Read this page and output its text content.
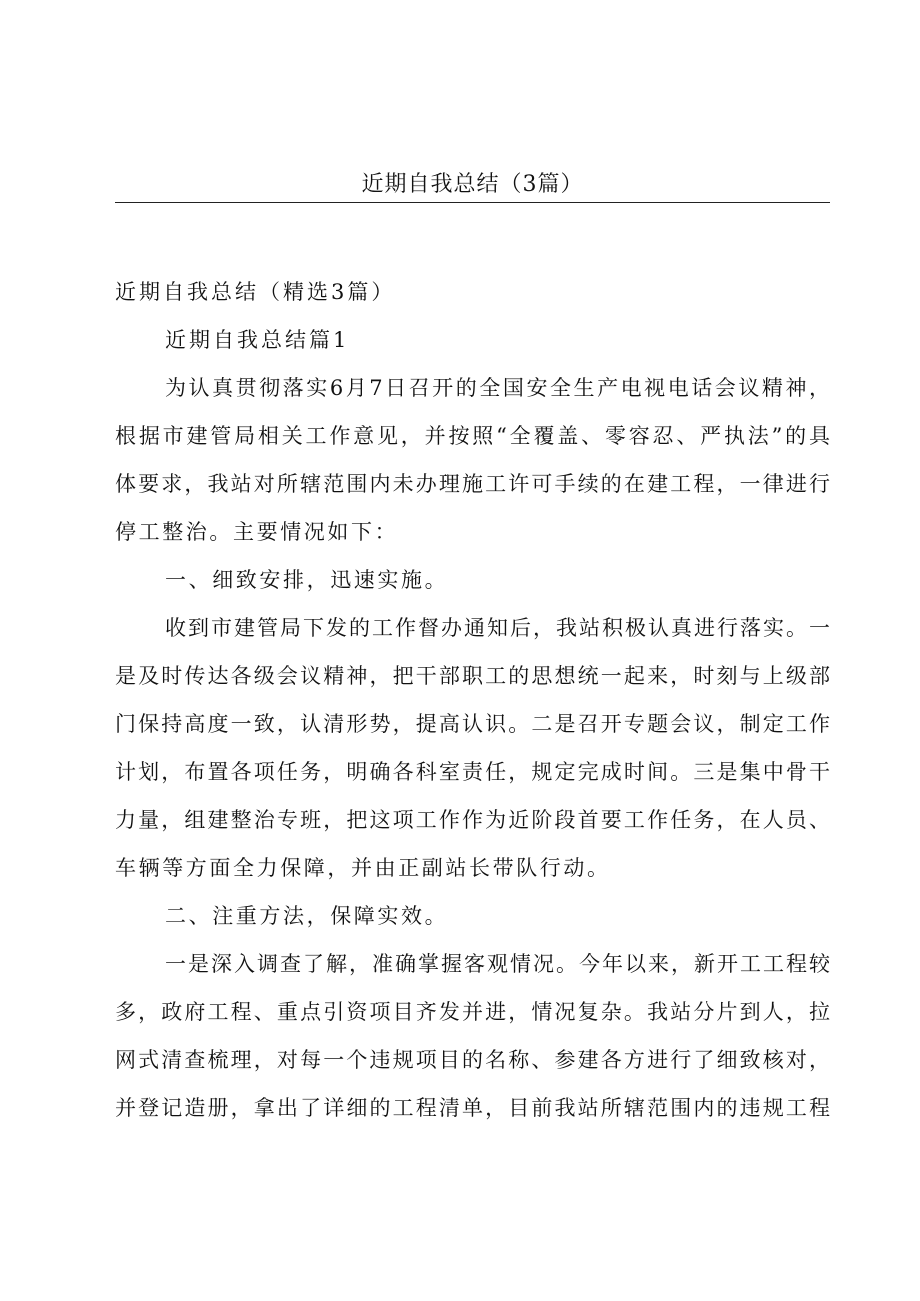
近期自我总结（3篇）
近期自我总结（精选3篇）
近期自我总结篇1
为认真贯彻落实6月7日召开的全国安全生产电视电话会议精神，
根据市建管局相关工作意见，并按照“全覆盖、零容忍、严执法”的具
体要求，我站对所辖范围内未办理施工许可手续的在建工程，一律进行
停工整治。主要情况如下：
一、细致安排，迅速实施。
收到市建管局下发的工作督办通知后，我站积极认真进行落实。一
是及时传达各级会议精神，把干部职工的思想统一起来，时刻与上级部
门保持高度一致，认清形势，提高认识。二是召开专题会议，制定工作
计划，布置各项任务，明确各科室责任，规定完成时间。三是集中骨干
力量，组建整治专班，把这项工作作为近阶段首要工作任务，在人员、
车辆等方面全力保障，并由正副站长带队行动。
二、注重方法，保障实效。
一是深入调查了解，准确掌握客观情况。今年以来，新开工工程较
多，政府工程、重点引资项目齐发并进，情况复杂。我站分片到人，拉
网式清查梳理，对每一个违规项目的名称、参建各方进行了细致核对，
并登记造册，拿出了详细的工程清单，目前我站所辖范围内的违规工程
